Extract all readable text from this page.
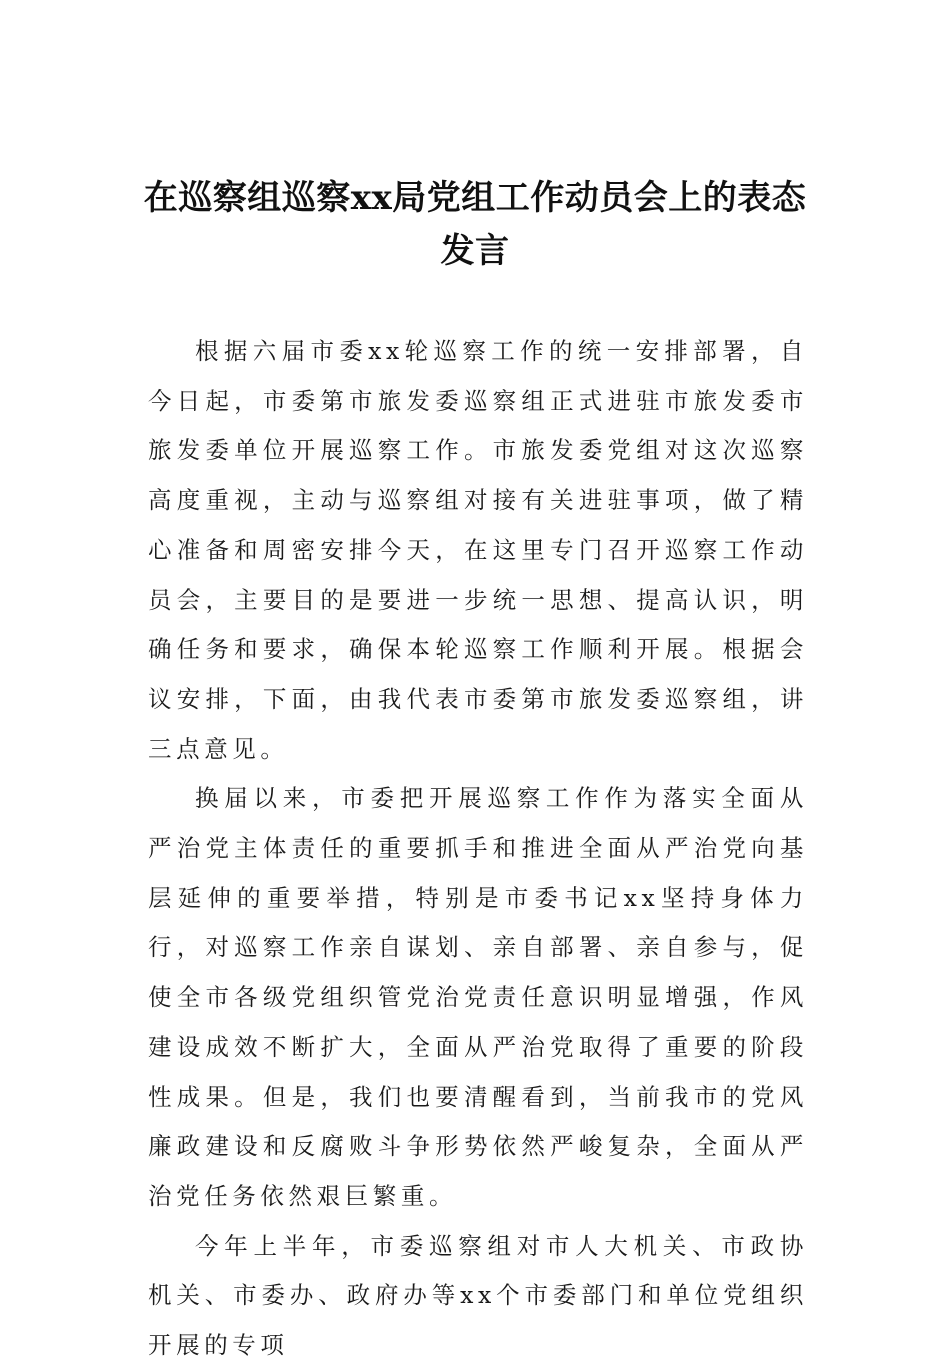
在巡察组巡察xx局党组工作动员会上的表态发言

根据六届市委xx轮巡察工作的统一安排部署，自今日起，市委第市旅发委巡察组正式进驻市旅发委市旅发委单位开展巡察工作。市旅发委党组对这次巡察高度重视，主动与巡察组对接有关进驻事项，做了精心准备和周密安排今天，在这里专门召开巡察工作动员会，主要目的是要进一步统一思想、提高认识，明确任务和要求，确保本轮巡察工作顺利开展。根据会议安排，下面，由我代表市委第市旅发委巡察组，讲三点意见。

换届以来，市委把开展巡察工作作为落实全面从严治党主体责任的重要抓手和推进全面从严治党向基层延伸的重要举措，特别是市委书记xx坚持身体力行，对巡察工作亲自谋划、亲自部署、亲自参与，促使全市各级党组织管党治党责任意识明显增强，作风建设成效不断扩大，全面从严治党取得了重要的阶段性成果。但是，我们也要清醒看到，当前我市的党风廉政建设和反腐败斗争形势依然严峻复杂，全面从严治党任务依然艰巨繁重。

今年上半年，市委巡察组对市人大机关、市政协机关、市委办、政府办等xx个市委部门和单位党组织开展的专项
